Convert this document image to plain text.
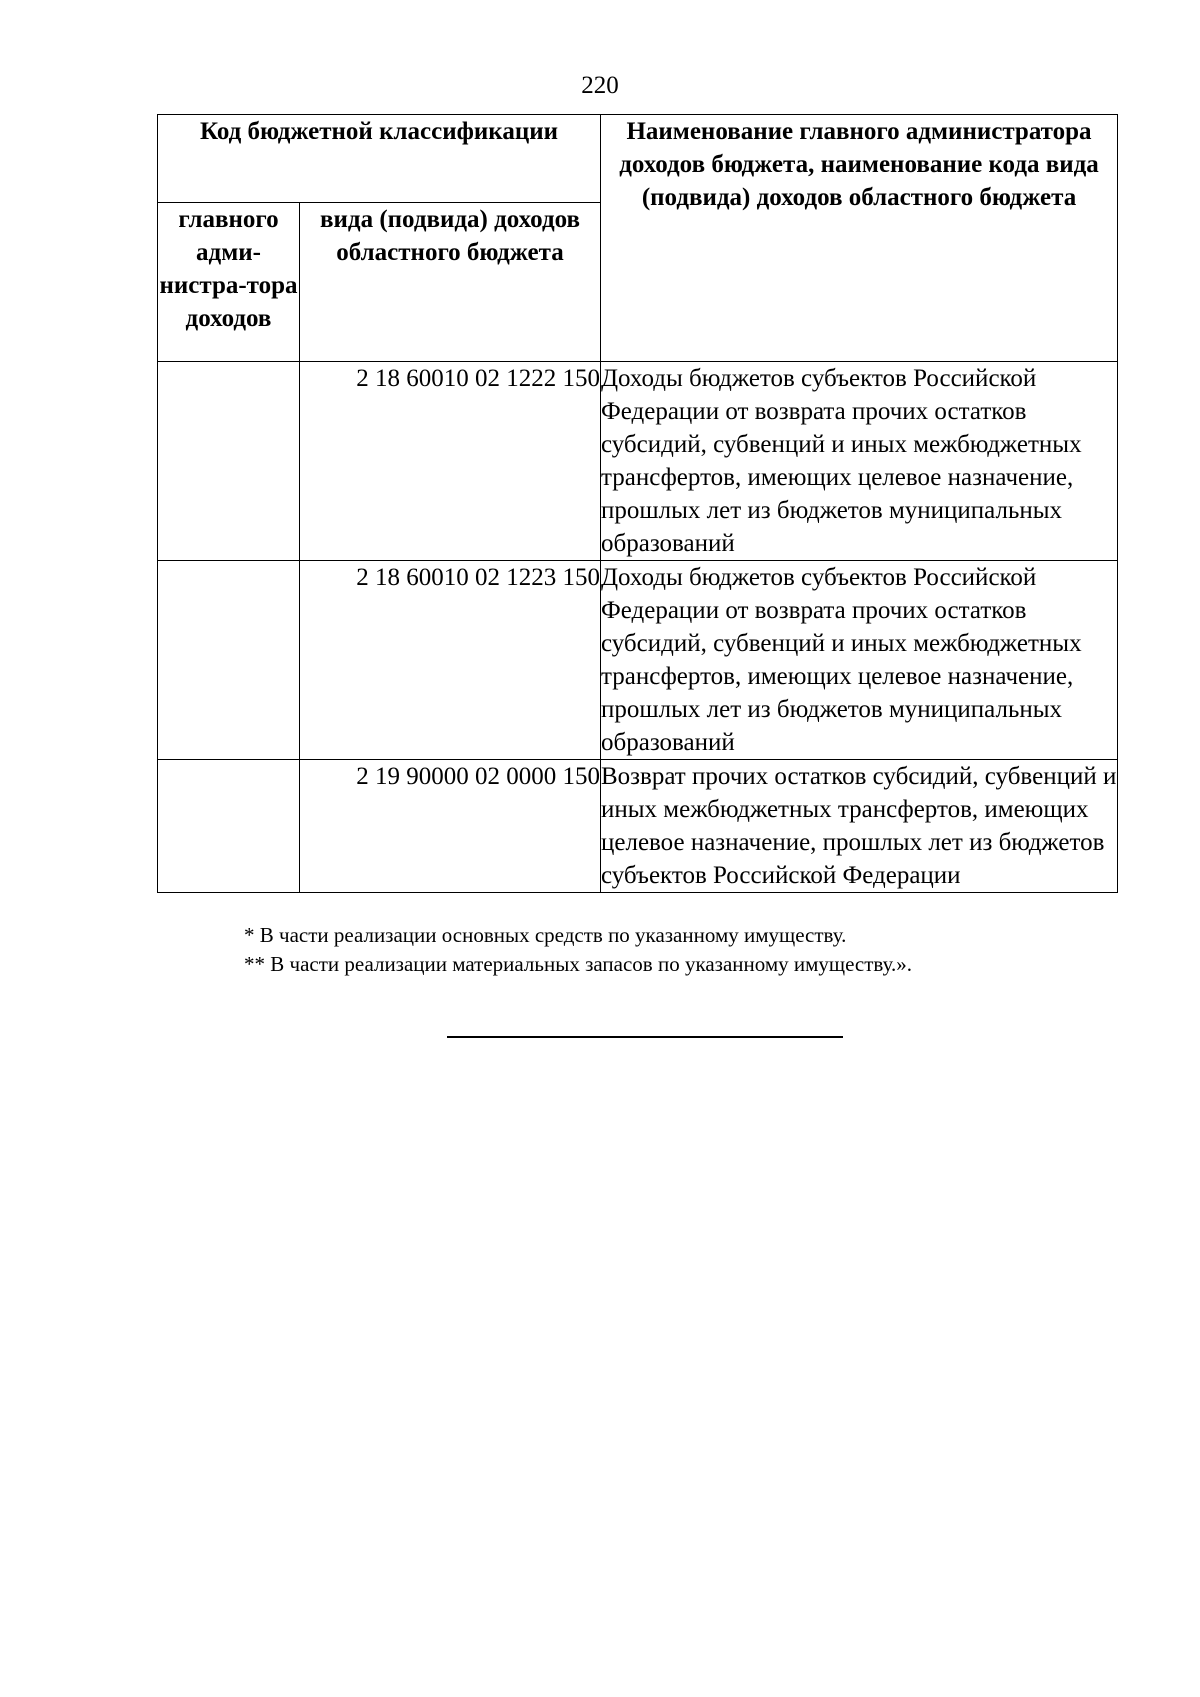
220
Код бюджетной классификации		Наименование главного администратора доходов бюджета, наименование кода вида (подвида) доходов областного бюджета
главного адми-нистра-тора доходов	вида (подвида) доходов областного бюджета	
	2 18 60010 02 1222 150	Доходы бюджетов субъектов Российской Федерации от возврата прочих остатков субсидий, субвенций и иных межбюджетных трансфертов, имеющих целевое назначение, прошлых лет из бюджетов муниципальных образований
	2 18 60010 02 1223 150	Доходы бюджетов субъектов Российской Федерации от возврата прочих остатков субсидий, субвенций и иных межбюджетных трансфертов, имеющих целевое назначение, прошлых лет из бюджетов муниципальных образований
	2 19 90000 02 0000 150	Возврат прочих остатков субсидий, субвенций и иных межбюджетных трансфертов, имеющих целевое назначение, прошлых лет из бюджетов субъектов Российской Федерации
* В части реализации основных средств по указанному имуществу.
** В части реализации материальных запасов по указанному имуществу.».
